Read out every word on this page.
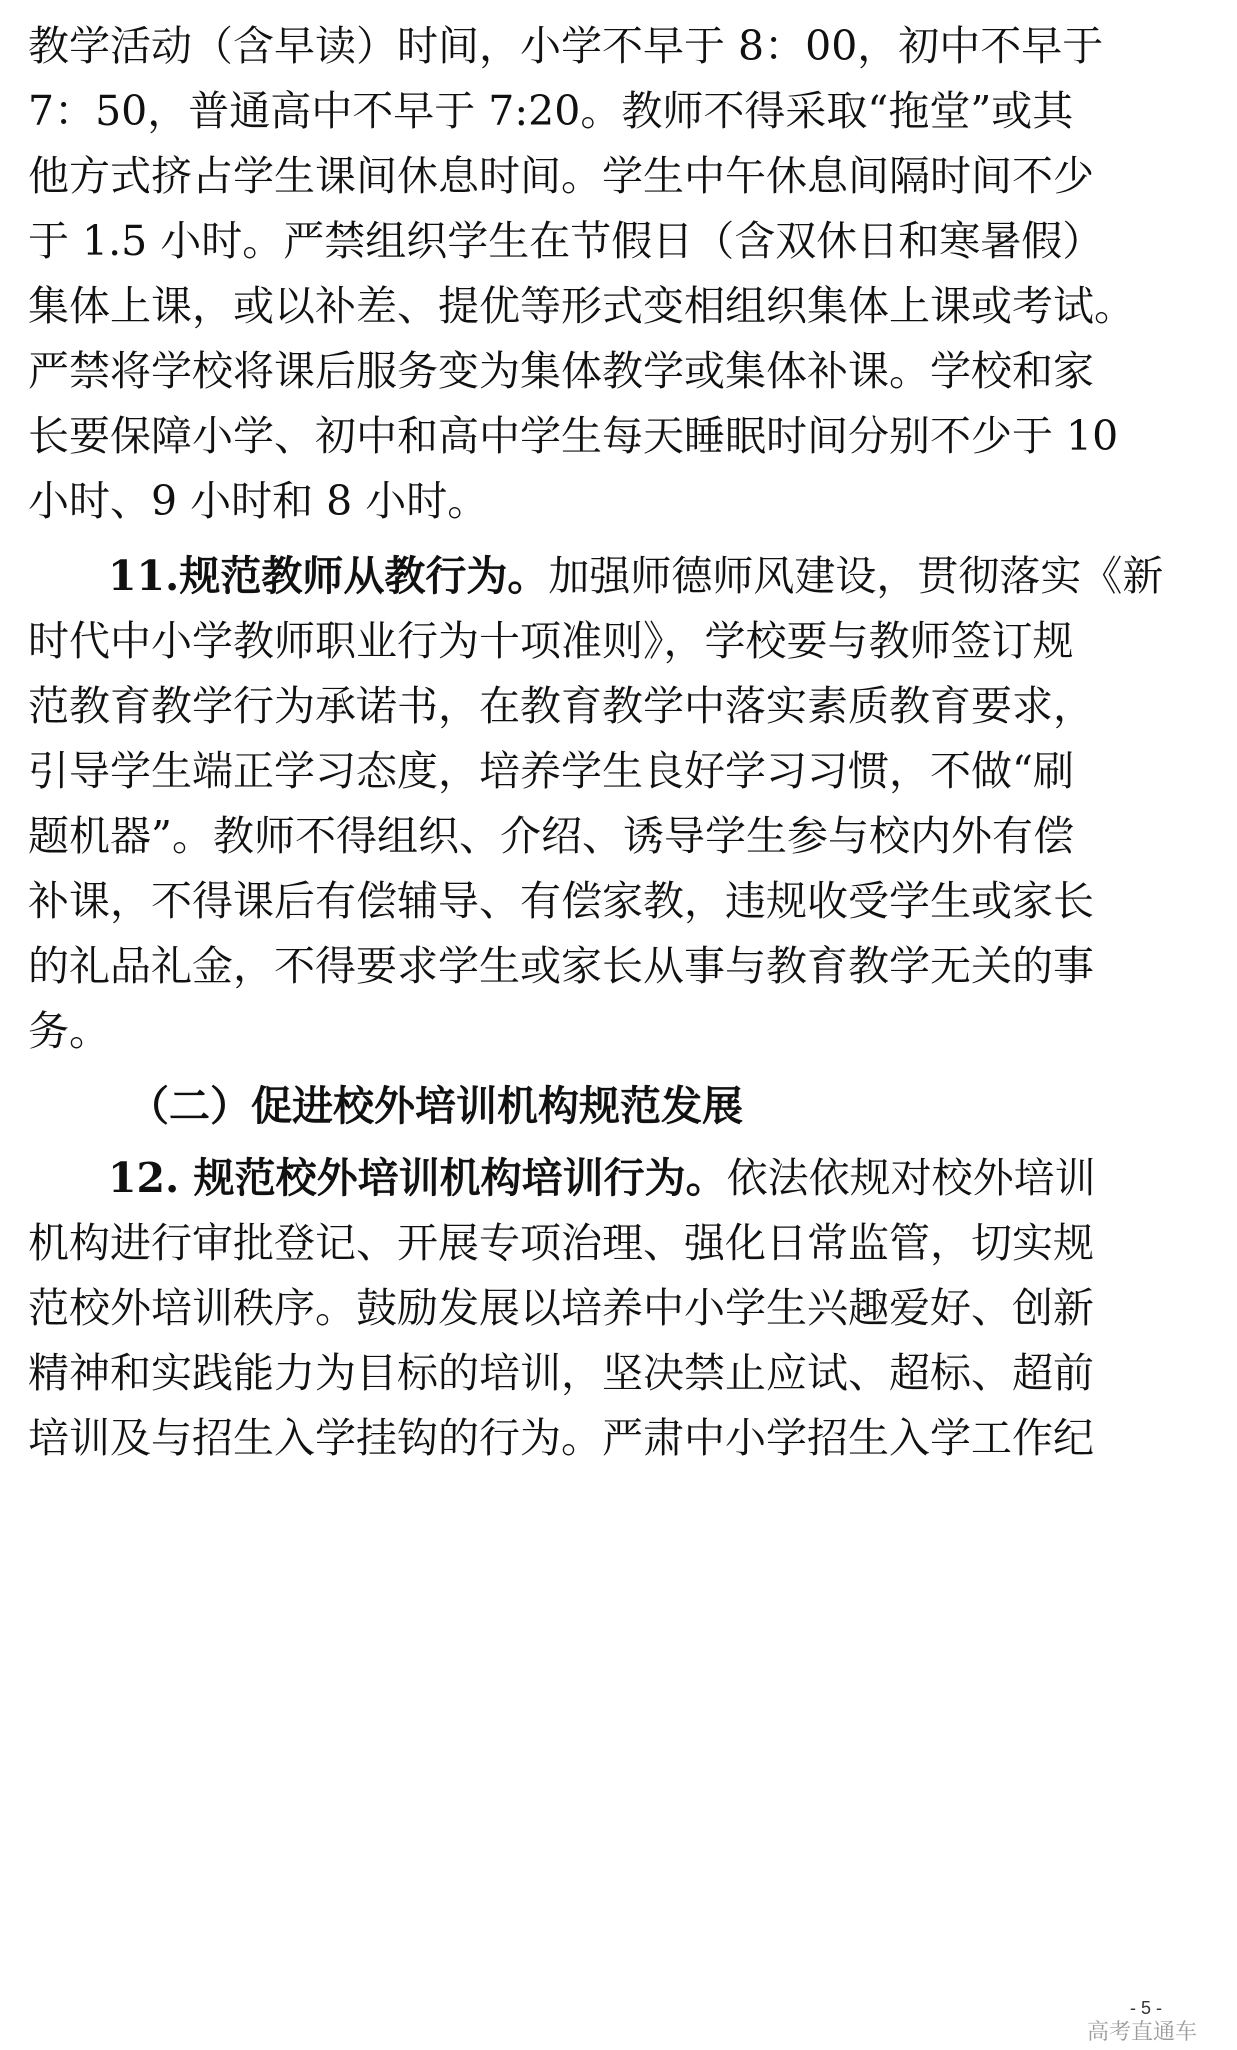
教学活动（含早读）时间，小学不早于 8：00，初中不早于
7：50，普通高中不早于 7:20。教师不得采取“拖堂”或其
他方式挤占学生课间休息时间。学生中午休息间隔时间不少
于 1.5 小时。严禁组织学生在节假日（含双休日和寒暑假）
集体上课，或以补差、提优等形式变相组织集体上课或考试。
严禁将学校将课后服务变为集体教学或集体补课。学校和家
长要保障小学、初中和高中学生每天睡眠时间分别不少于 10
小时、9 小时和 8 小时。
11.规范教师从教行为。加强师德师风建设，贯彻落实《新
时代中小学教师职业行为十项准则》，学校要与教师签订规
范教育教学行为承诺书，在教育教学中落实素质教育要求，
引导学生端正学习态度，培养学生良好学习习惯，不做“刷
题机器”。教师不得组织、介绍、诱导学生参与校内外有偿
补课，不得课后有偿辅导、有偿家教，违规收受学生或家长
的礼品礼金，不得要求学生或家长从事与教育教学无关的事
务。
（二）促进校外培训机构规范发展
12. 规范校外培训机构培训行为。依法依规对校外培训
机构进行审批登记、开展专项治理、强化日常监管，切实规
范校外培训秩序。鼓励发展以培养中小学生兴趣爱好、创新
精神和实践能力为目标的培训，坚决禁止应试、超标、超前
培训及与招生入学挂钩的行为。严肃中小学招生入学工作纪
- 5 -
高考直通车
